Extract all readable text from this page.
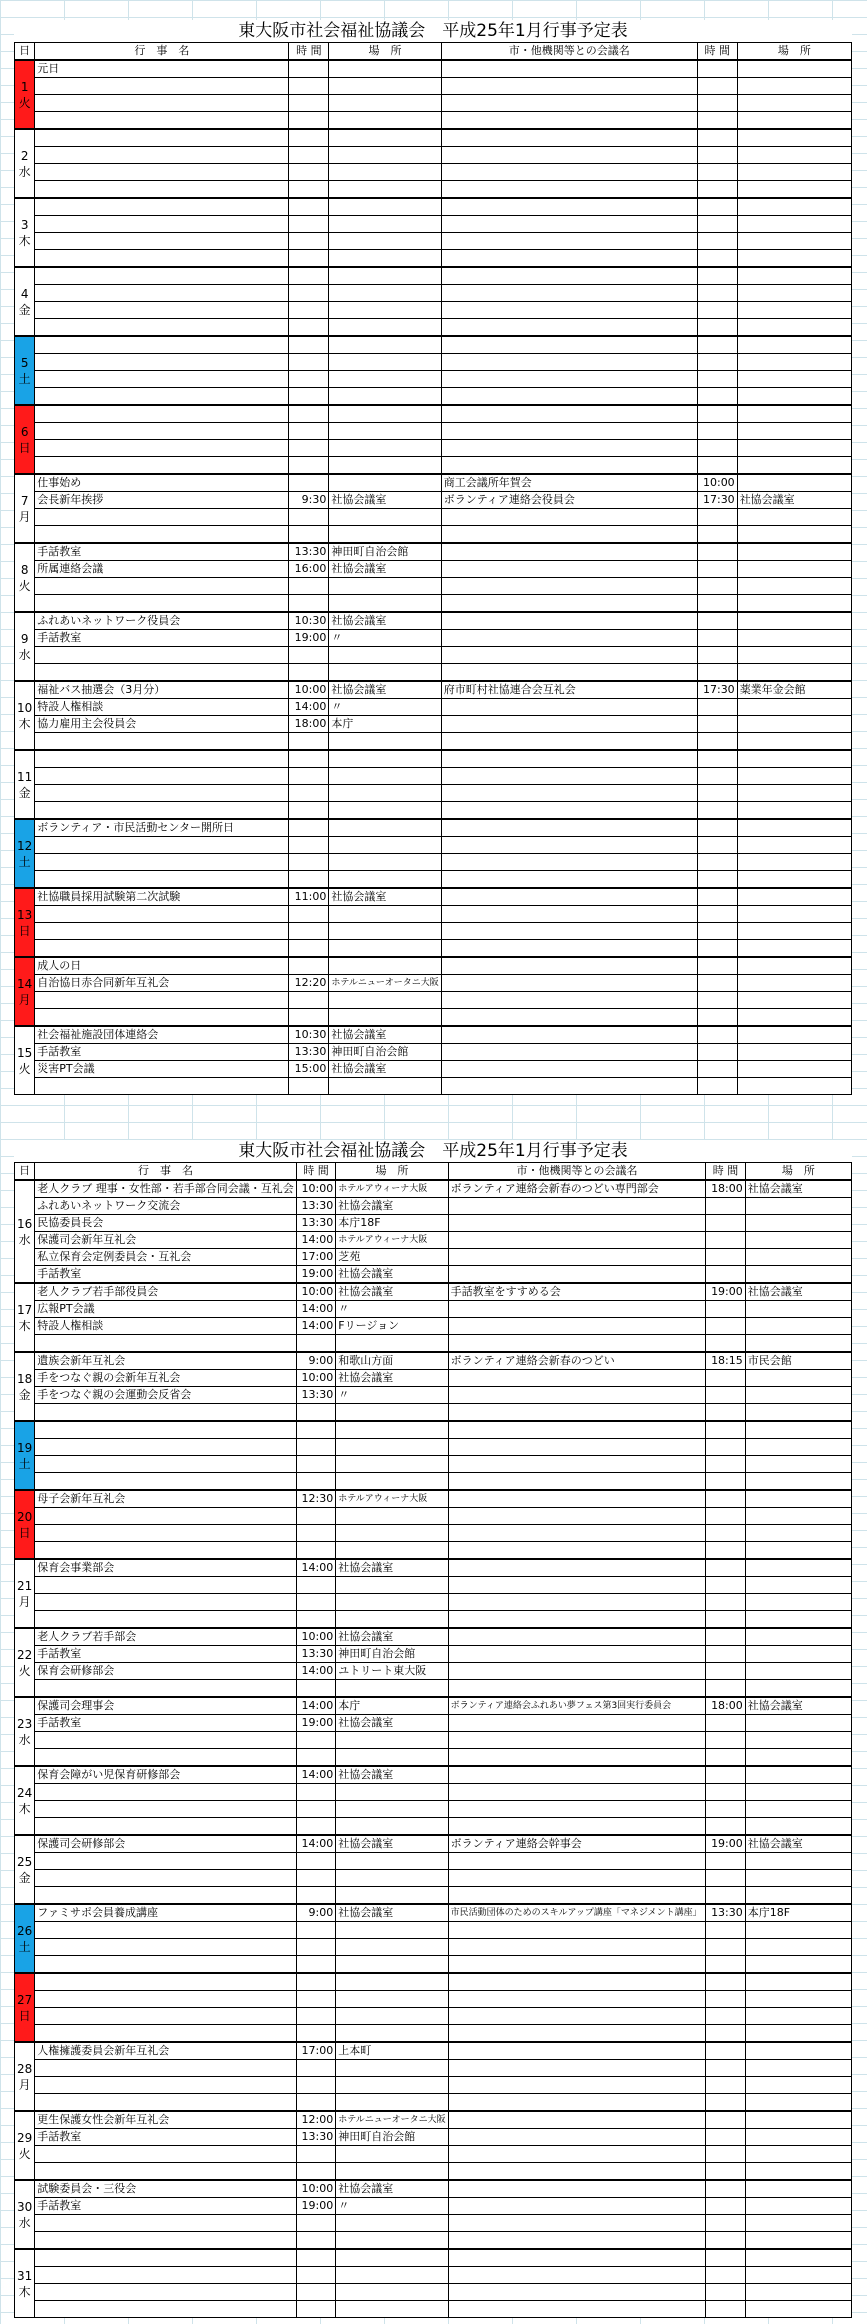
東大阪市社会福祉協議会　平成25年1月行事予定表
日	行　事　名	時 間	場　所	市・他機関等との会議名	時 間	場　所

1
火	元日					

2
水						

3
木						

4
金						

5
土						

6
日						

7
月	仕事始め			商工会議所年賀会	10:00	
	会長新年挨拶	9:30	社協会議室	ボランティア連絡会役員会	17:30	社協会議室

8
火	手話教室	13:30	神田町自治会館			
	所属連絡会議	16:00	社協会議室			

9
水	ふれあいネットワーク役員会	10:30	社協会議室			
	手話教室	19:00	〃			

10
木	福祉バス抽選会（3月分）	10:00	社協会議室	府市町村社協連合会互礼会	17:30	薬業年金会館
	特設人権相談	14:00	〃			
	協力雇用主会役員会	18:00	本庁			

11
金						

12
土	ボランティア・市民活動センター開所日					

13
日	社協職員採用試験第二次試験	11:00	社協会議室			

14
月	成人の日					
	自治協日赤合同新年互礼会	12:20	ホテルニューオータニ大阪			

15
火	社会福祉施設団体連絡会	10:30	社協会議室			
	手話教室	13:30	神田町自治会館			
	災害PT会議	15:00	社協会議室			

東大阪市社会福祉協議会　平成25年1月行事予定表
日	行　事　名	時 間	場　所	市・他機関等との会議名	時 間	場　所

16
水	老人クラブ 理事・女性部・若手部合同会議・互礼会	10:00	ホテルアウィーナ大阪	ボランティア連絡会新春のつどい専門部会	18:00	社協会議室
	ふれあいネットワーク交流会	13:30	社協会議室			
	民協委員長会	13:30	本庁18F			
	保護司会新年互礼会	14:00	ホテルアウィーナ大阪			
	私立保育会定例委員会・互礼会	17:00	芝苑			
	手話教室	19:00	社協会議室			

17
木	老人クラブ若手部役員会	10:00	社協会議室	手話教室をすすめる会	19:00	社協会議室
	広報PT会議	14:00	〃			
	特設人権相談	14:00	Fリージョン			

18
金	遺族会新年互礼会	9:00	和歌山方面	ボランティア連絡会新春のつどい	18:15	市民会館
	手をつなぐ親の会新年互礼会	10:00	社協会議室			
	手をつなぐ親の会運動会反省会	13:30	〃			

19
土						

20
日	母子会新年互礼会	12:30	ホテルアウィーナ大阪			

21
月	保育会事業部会	14:00	社協会議室			

22
火	老人クラブ若手部会	10:00	社協会議室			
	手話教室	13:30	神田町自治会館			
	保育会研修部会	14:00	ユトリート東大阪			

23
水	保護司会理事会	14:00	本庁	ボランティア連絡会ふれあい夢フェス第3回実行委員会	18:00	社協会議室
	手話教室	19:00	社協会議室			

24
木	保育会障がい児保育研修部会	14:00	社協会議室			

25
金	保護司会研修部会	14:00	社協会議室	ボランティア連絡会幹事会	19:00	社協会議室

26
土	ファミサポ会員養成講座	9:00	社協会議室	市民活動団体のためのスキルアップ講座「マネジメント講座」	13:30	本庁18F

27
日						

28
月	人権擁護委員会新年互礼会	17:00	上本町			

29
火	更生保護女性会新年互礼会	12:00	ホテルニューオータニ大阪			
	手話教室	13:30	神田町自治会館			

30
水	試験委員会・三役会	10:00	社協会議室			
	手話教室	19:00	〃			

31
木						
